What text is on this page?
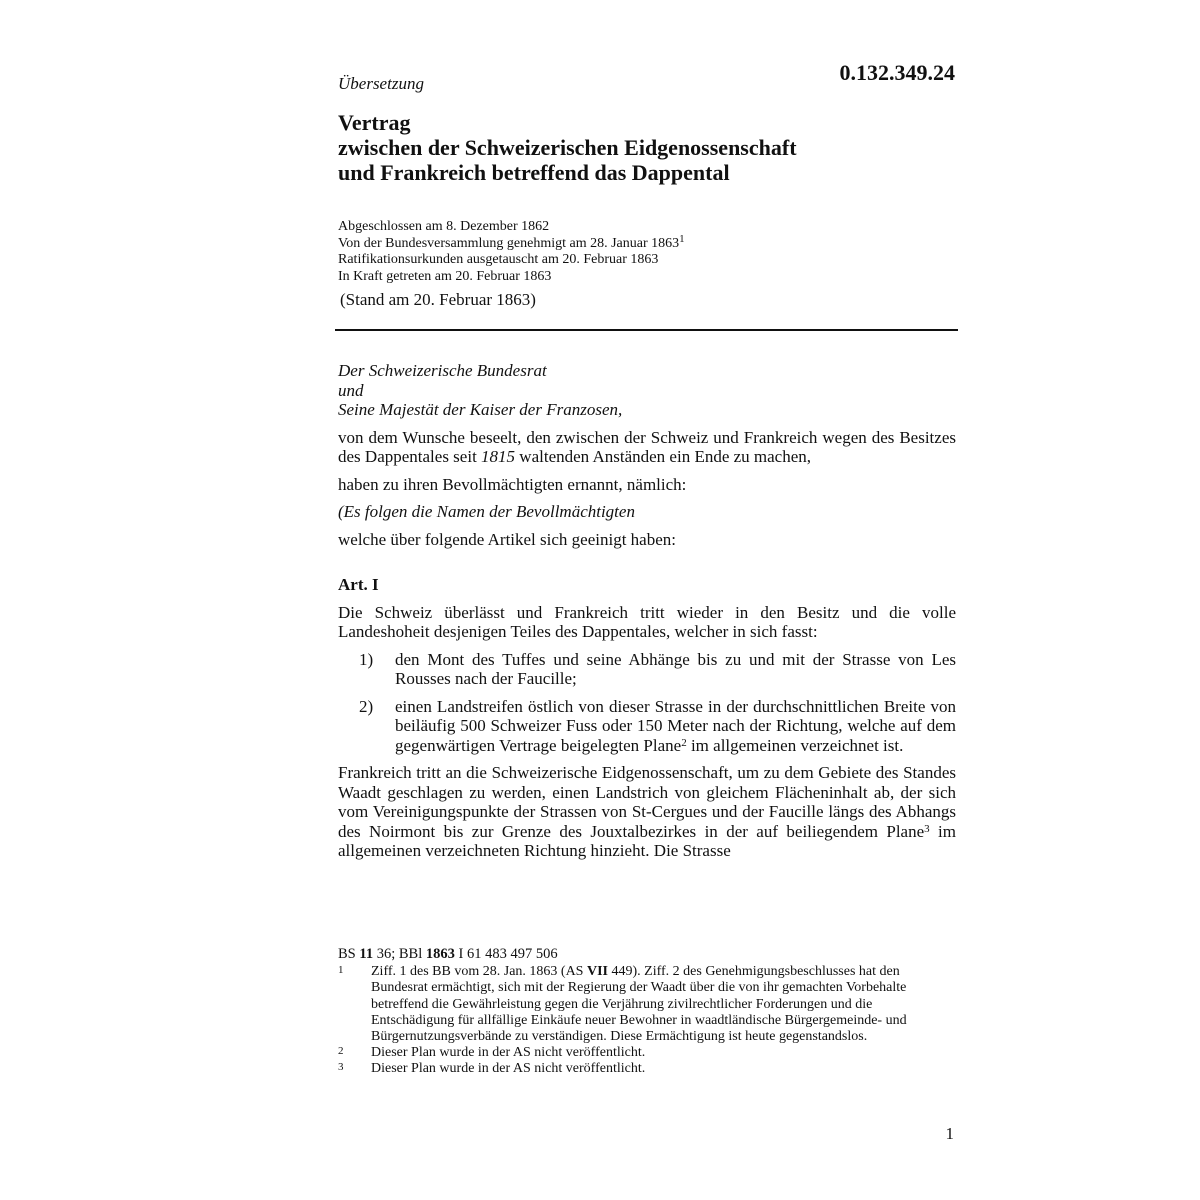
Übersetzung	0.132.349.24
Vertrag
zwischen der Schweizerischen Eidgenossenschaft
und Frankreich betreffend das Dappental
Abgeschlossen am 8. Dezember 1862
Von der Bundesversammlung genehmigt am 28. Januar 1863$^1$
Ratifikationsurkunden ausgetauscht am 20. Februar 1863
In Kraft getreten am 20. Februar 1863
(Stand am 20. Februar 1863)

Der Schweizerische Bundesrat

und

Seine Majestät der Kaiser der Franzosen,

von dem Wunsche beseelt, den zwischen der Schweiz und Frankreich wegen des Besitzes des Dappentales seit 1815 waltenden Anständen ein Ende zu machen,

haben zu ihren Bevollmächtigten ernannt, nämlich:

(Es folgen die Namen der Bevollmächtigten

welche über folgende Artikel sich geeinigt haben:

Art. I

Die Schweiz überlässt und Frankreich tritt wieder in den Besitz und die volle Landeshoheit desjenigen Teiles des Dappentales, welcher in sich fasst:

1) den Mont des Tuffes und seine Abhänge bis zu und mit der Strasse von Les Rousses nach der Faucille;
2) einen Landstreifen östlich von dieser Strasse in der durchschnittlichen Breite von beiläufig 500 Schweizer Fuss oder 150 Meter nach der Richtung, welche auf dem gegenwärtigen Vertrage beigelegten Plane$^2$ im allgemeinen verzeichnet ist.

Frankreich tritt an die Schweizerische Eidgenossenschaft, um zu dem Gebiete des Standes Waadt geschlagen zu werden, einen Landstrich von gleichem Flächeninhalt ab, der sich vom Vereinigungspunkte der Strassen von St-Cergues und der Faucille längs des Abhangs des Noirmont bis zur Grenze des Jouxtalbezirkes in der auf beiliegendem Plane$^3$ im allgemeinen verzeichneten Richtung hinzieht. Die Strasse

BS 11 36; BBl 1863 I 61 483 497 506
1 Ziff. 1 des BB vom 28. Jan. 1863 (AS VII 449). Ziff. 2 des Genehmigungsbeschlusses hat den Bundesrat ermächtigt, sich mit der Regierung der Waadt über die von ihr gemachten Vorbehalte betreffend die Gewährleistung gegen die Verjährung zivilrechtlicher Forderungen und die Entschädigung für allfällige Einkäufe neuer Bewohner in waadtländische Bürgergemeinde- und Bürgernutzungsverbände zu verständigen. Diese Ermächtigung ist heute gegenstandslos.
2 Dieser Plan wurde in der AS nicht veröffentlicht.
3 Dieser Plan wurde in der AS nicht veröffentlicht.
1
